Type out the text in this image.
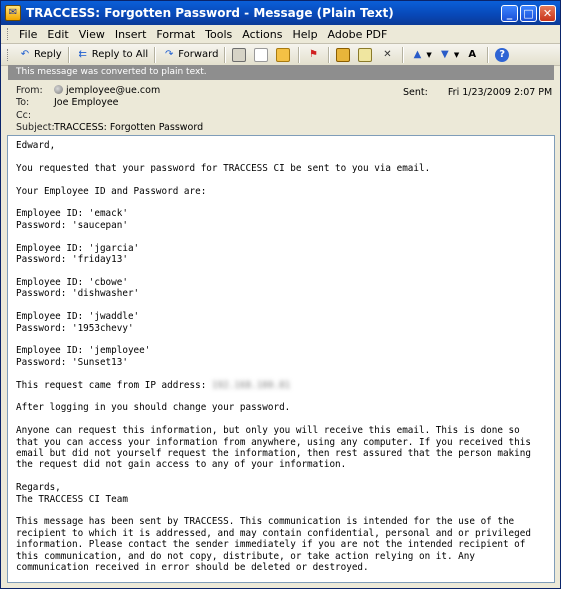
✉ TRACCESS: Forgotten Password - Message (Plain Text)	_	□ ✕
File Edit View Insert Format Tools Actions Help Adobe PDF
↶ Reply ⇇ Reply to All ↷ Forward	⚑	✕	▲ ▼ ▼ ▼ A	?
This message was converted to plain text.
From:	jemployee@ue.com	Sent: Fri 1/23/2009 2:07 PM
To:	Joe Employee
Cc:
Subject: TRACCESS: Forgotten Password
Edward,

You requested that your password for TRACCESS CI be sent to you via email.

Your Employee ID and Password are:

Employee ID: 'emack'
Password: 'saucepan'

Employee ID: 'jgarcia'
Password: 'friday13'

Employee ID: 'cbowe'
Password: 'dishwasher'

Employee ID: 'jwaddle'
Password: '1953chevy'

Employee ID: 'jemployee'
Password: 'Sunset13'

This request came from IP address: 192.168.100.81

After logging in you should change your password.

Anyone can request this information, but only you will receive this email. This is done so
that you can access your information from anywhere, using any computer. If you received this
email but did not yourself request the information, then rest assured that the person making
the request did not gain access to any of your information.

Regards,
The TRACCESS CI Team

This message has been sent by TRACCESS. This communication is intended for the use of the
recipient to which it is addressed, and may contain confidential, personal and or privileged
information. Please contact the sender immediately if you are not the intended recipient of
this communication, and do not copy, distribute, or take action relying on it. Any
communication received in error should be deleted or destroyed.
